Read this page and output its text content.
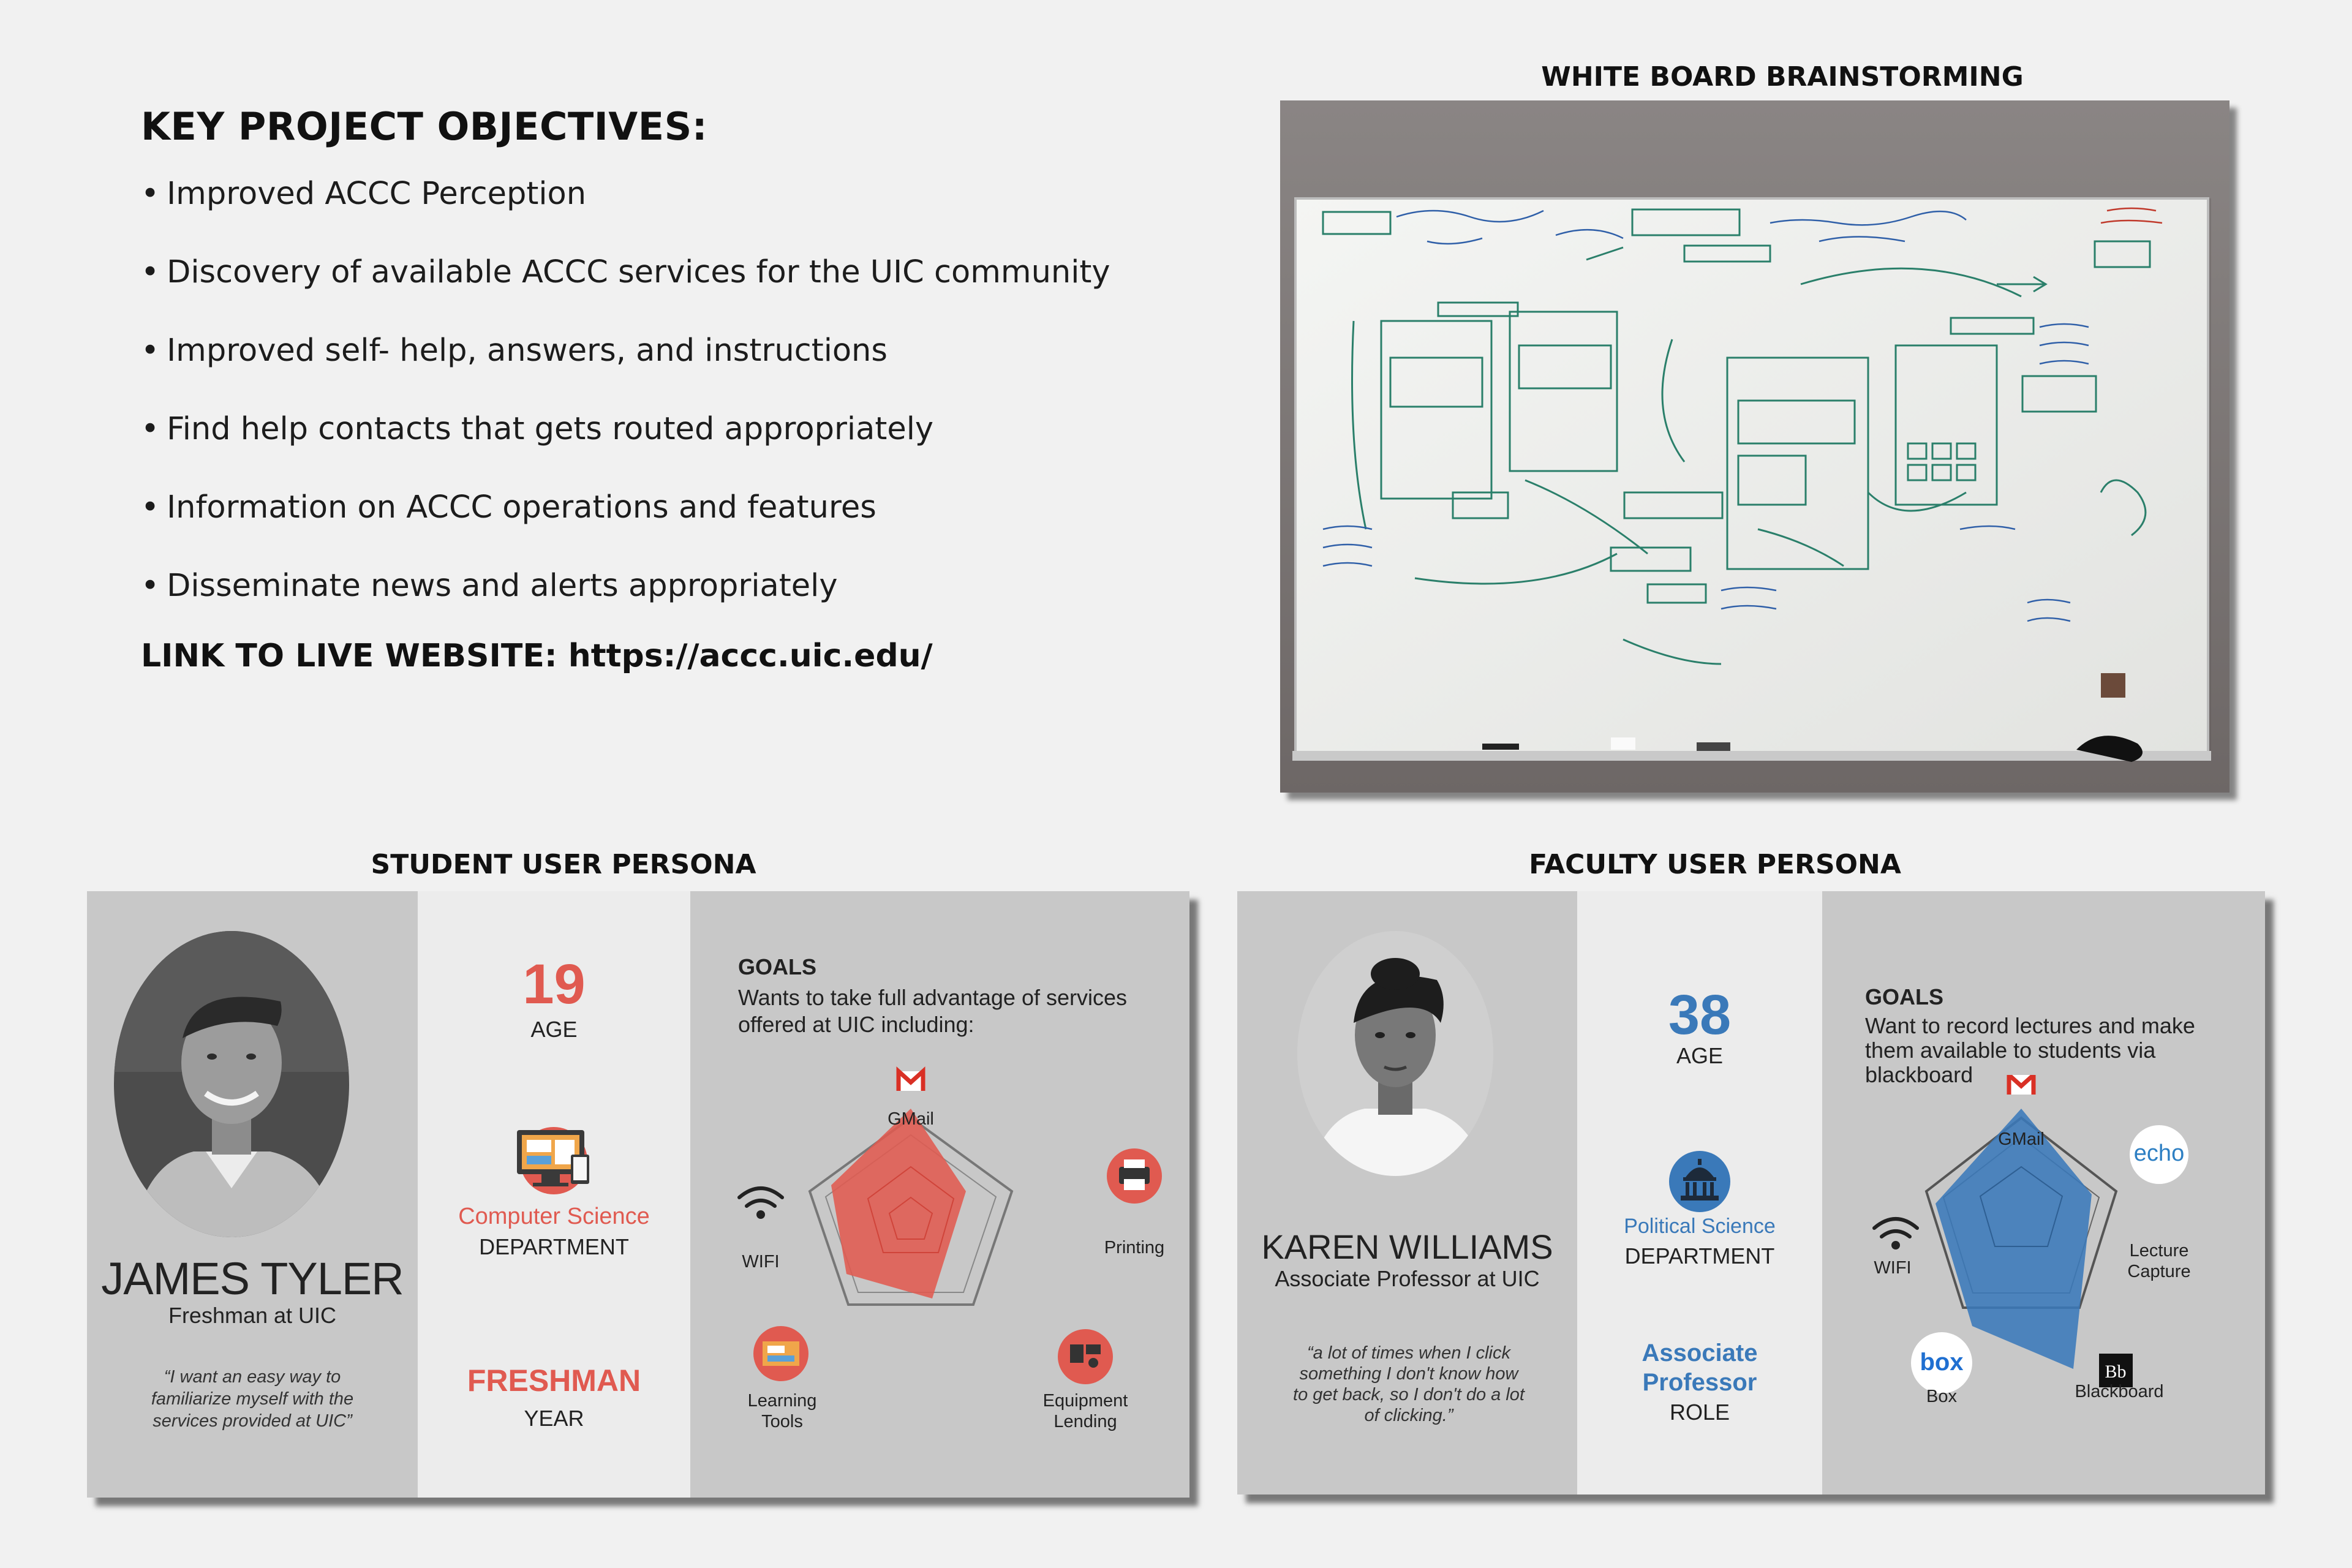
KEY PROJECT OBJECTIVES:
• Improved ACCC Perception
• Discovery of available ACCC services for the UIC community
• Improved self- help, answers, and instructions
• Find help contacts that gets routed appropriately
• Information on ACCC operations and features
• Disseminate news and alerts appropriately
LINK TO LIVE WEBSITE: https://accc.uic.edu/
WHITE BOARD BRAINSTORMING
STUDENT USER PERSONA
JAMES TYLER
Freshman at UIC
“I want an easy way to familiarize myself with the services provided at UIC”
19
AGE
Computer Science
DEPARTMENT
FRESHMAN
YEAR
GOALS
Wants to take full advantage of services offered at UIC including:
GMail
Printing
Equipment Lending
Learning Tools
WIFI
FACULTY USER PERSONA
KAREN WILLIAMS
Associate Professor at UIC
“a lot of times when I click something I don't know how to get back, so I don't do a lot of clicking.”
38
AGE
Political Science
DEPARTMENT
Associate Professor
ROLE
GOALS
Want to record lectures and make them available to students via blackboard
echo
Bb
box
GMail
Lecture Capture
Blackboard
Box
WIFI
